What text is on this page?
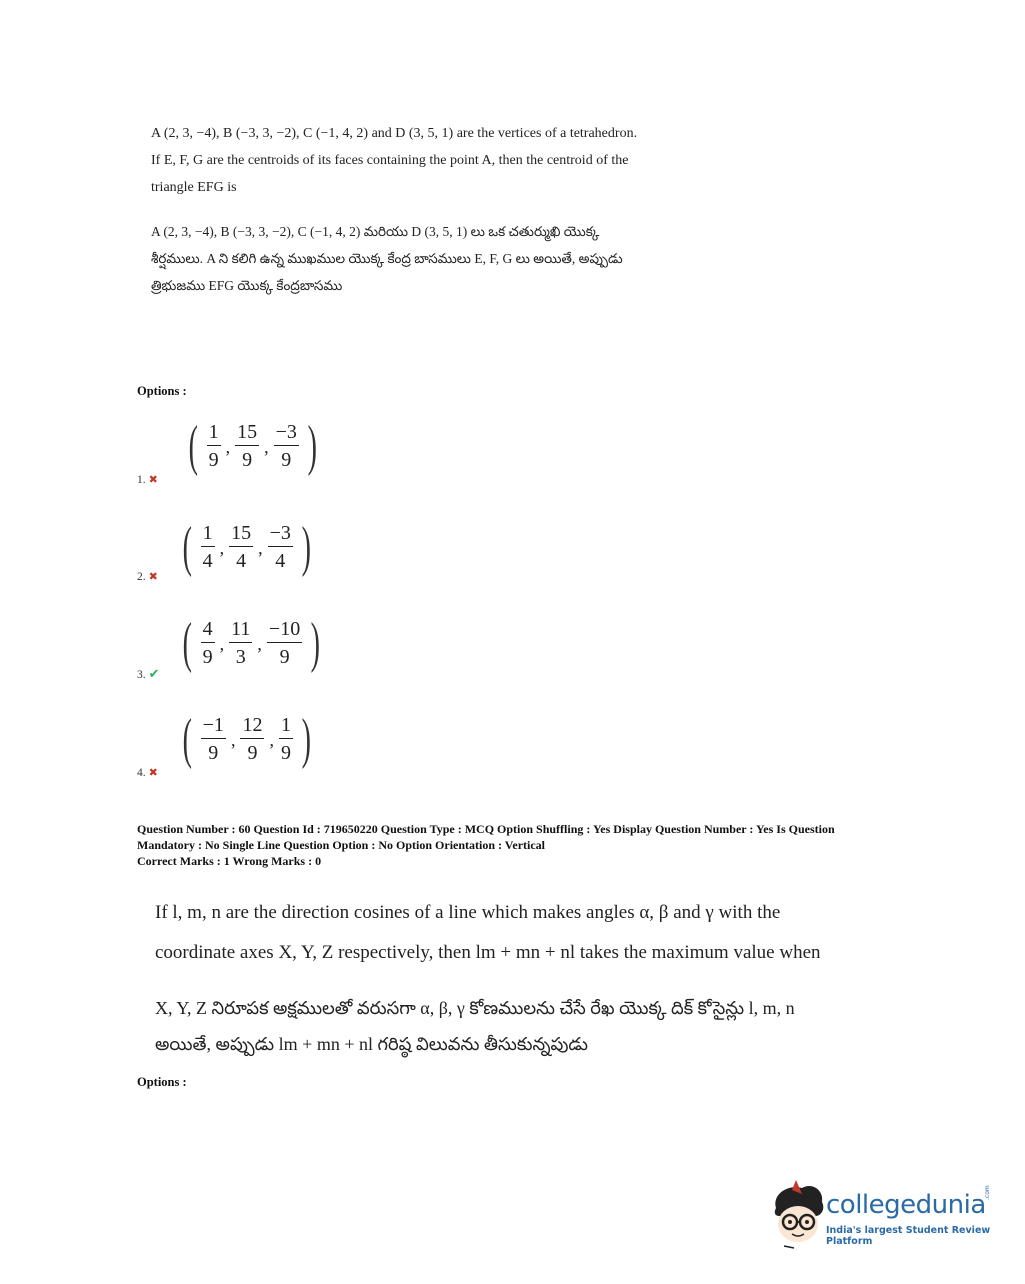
A (2, 3, −4), B (−3, 3, −2), C (−1, 4, 2) and D (3, 5, 1) are the vertices of a tetrahedron.
If E, F, G are the centroids of its faces containing the point A, then the centroid of the
triangle EFG is
A (2, 3, −4), B (−3, 3, −2), C (−1, 4, 2) మరియు D (3, 5, 1) లు ఒక చతుర్ముఖి యొక్క
శీర్షములు. A ని కలిగి ఉన్న ముఖముల యొక్క కేంద్ర బాసములు E, F, G లు అయితే, అప్పుడు
త్రిభుజము EFG యొక్క కేంద్రబాసము
Options :
Question Number : 60 Question Id : 719650220 Question Type : MCQ Option Shuffling : Yes Display Question Number : Yes Is Question
Mandatory : No Single Line Question Option : No Option Orientation : Vertical
Correct Marks : 1 Wrong Marks : 0
If l, m, n are the direction cosines of a line which makes angles α, β and γ with the
coordinate axes X, Y, Z respectively, then lm + mn + nl takes the maximum value when
X, Y, Z నిరూపక అక్షములతో వరుసగా α, β, γ కోణములను చేసే రేఖ యొక్క దిక్ కోసైన్లు l, m, n
అయితే, అప్పుడు lm + mn + nl గరిష్ఠ విలువను తీసుకున్నపుడు
Options :
collegedunia
.com
India's largest Student Review Platform
( $\frac{1}{9}$ , $\frac{15}{9}$ , $\frac{-3}{9}$ )
1. ✖
( $\frac{1}{4}$ , $\frac{15}{4}$ , $\frac{-3}{4}$ )
2. ✖
( $\frac{4}{9}$ , $\frac{11}{3}$ , $\frac{-10}{9}$ )
3. ✔
( $\frac{-1}{9}$ , $\frac{12}{9}$ , $\frac{1}{9}$ )
4. ✖
